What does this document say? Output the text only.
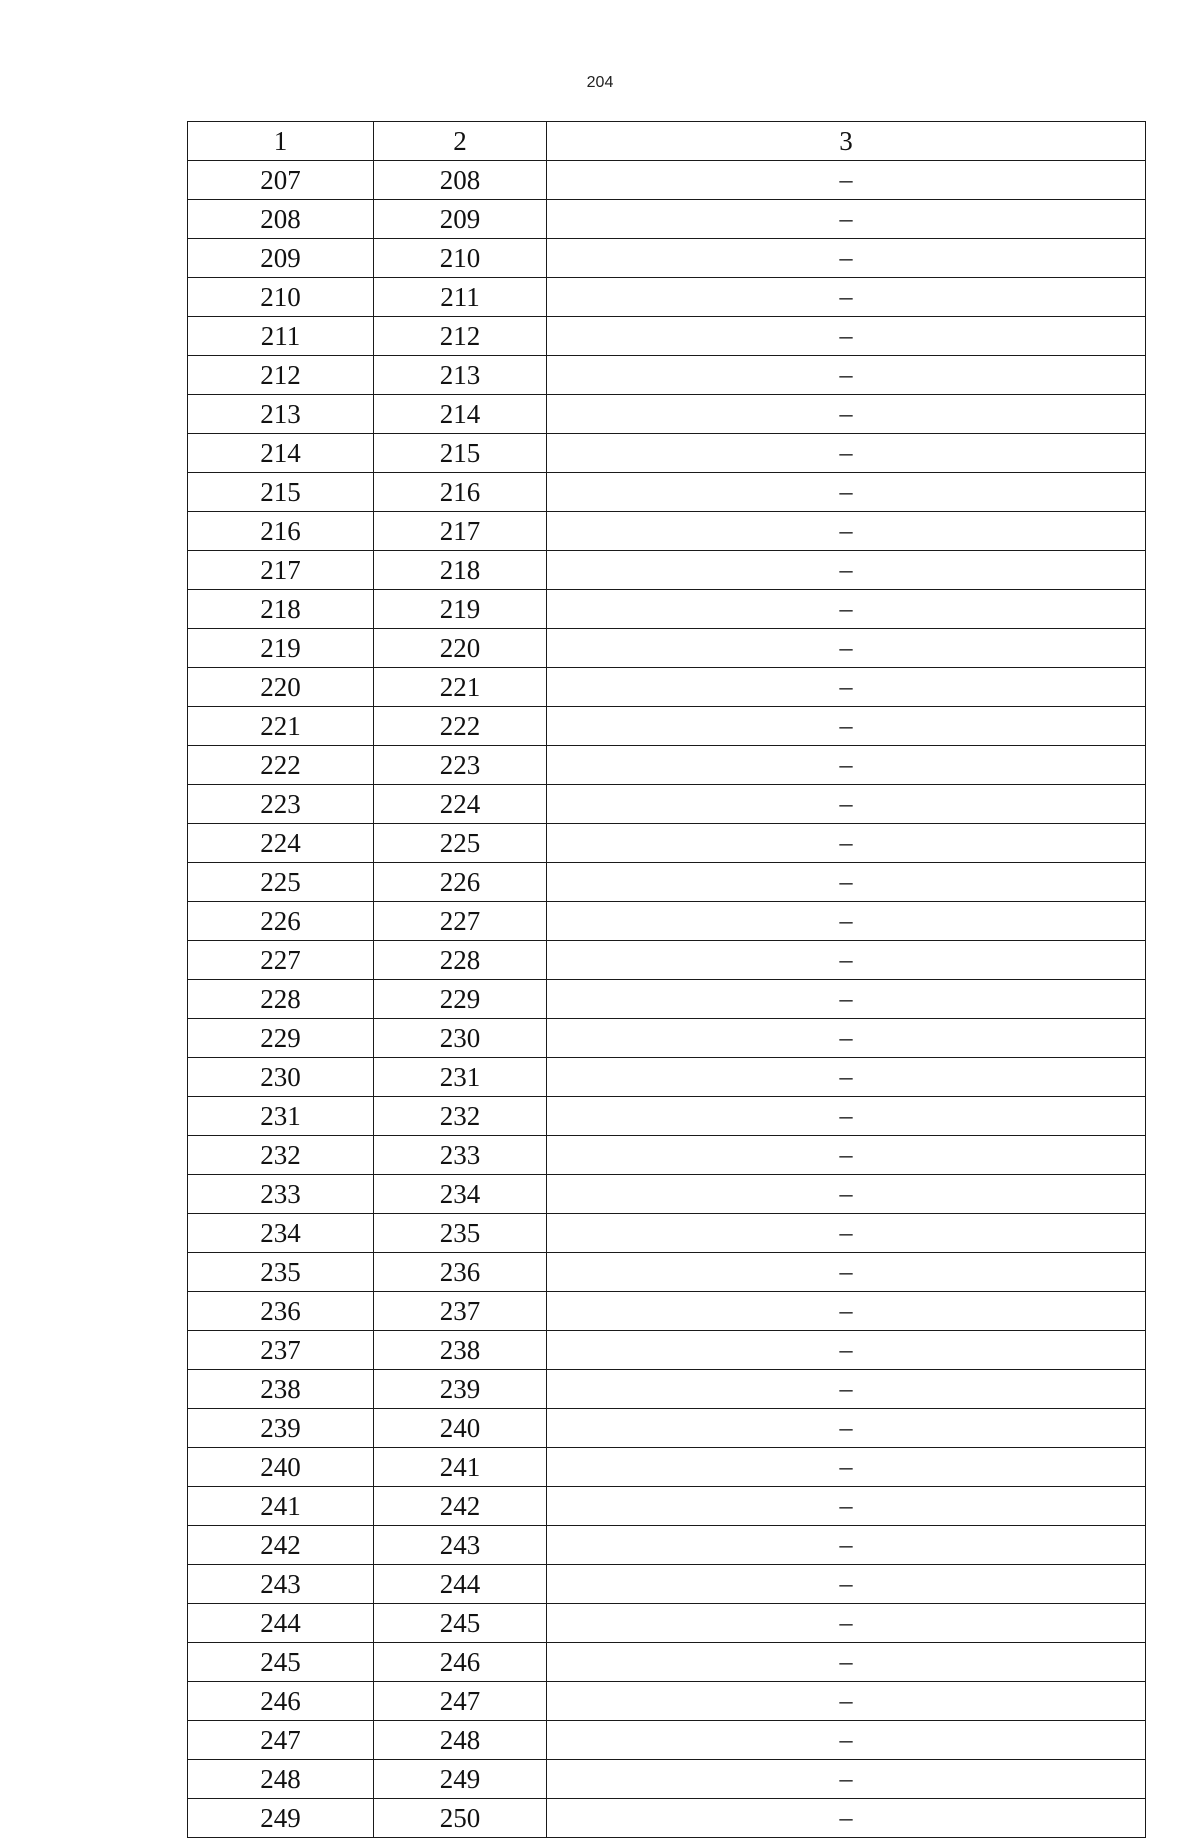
204
1	2	3
207	208	–
208	209	–
209	210	–
210	211	–
211	212	–
212	213	–
213	214	–
214	215	–
215	216	–
216	217	–
217	218	–
218	219	–
219	220	–
220	221	–
221	222	–
222	223	–
223	224	–
224	225	–
225	226	–
226	227	–
227	228	–
228	229	–
229	230	–
230	231	–
231	232	–
232	233	–
233	234	–
234	235	–
235	236	–
236	237	–
237	238	–
238	239	–
239	240	–
240	241	–
241	242	–
242	243	–
243	244	–
244	245	–
245	246	–
246	247	–
247	248	–
248	249	–
249	250	–
